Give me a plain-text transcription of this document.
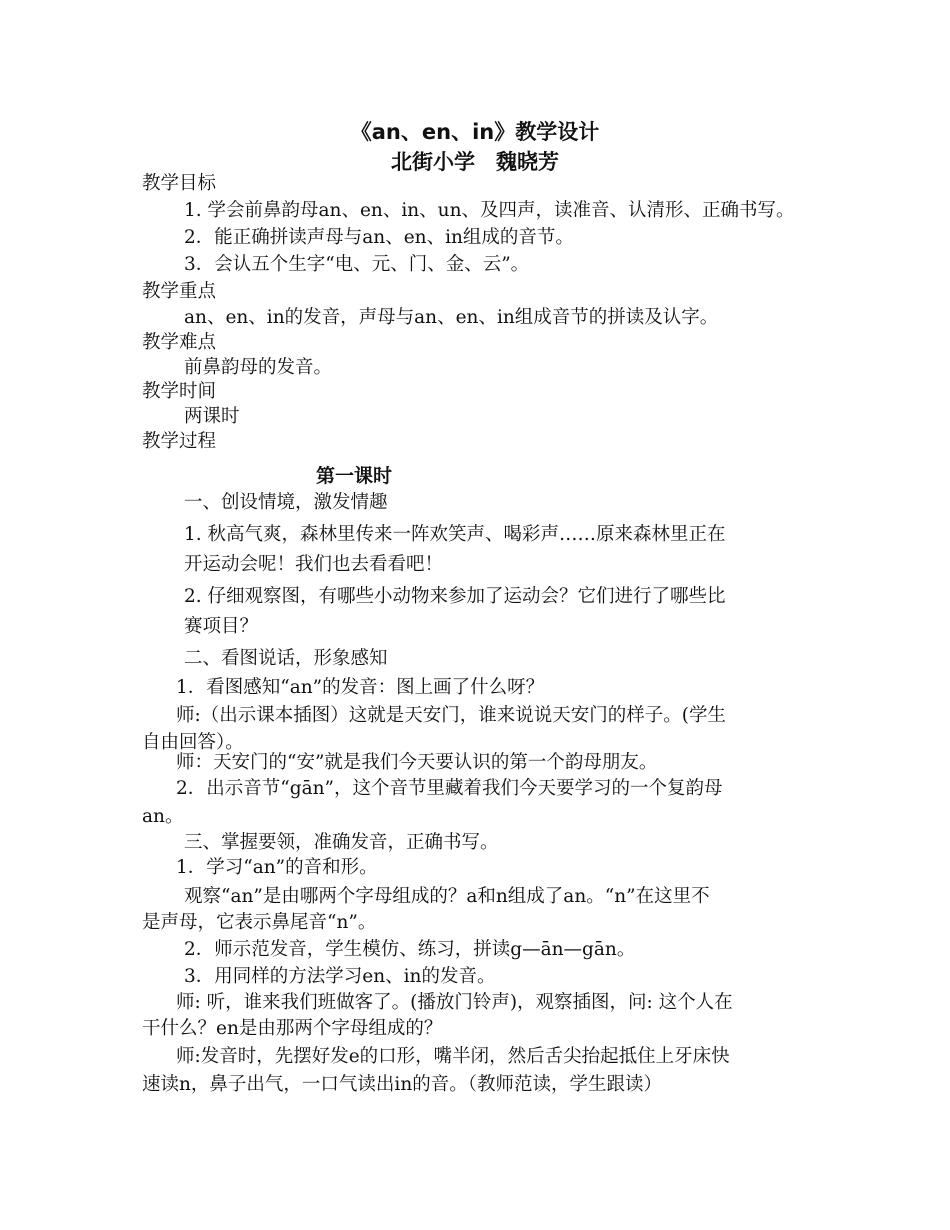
《an、en、in》教学设计
北街小学　魏晓芳
教学目标
1. 学会前鼻韵母an、en、in、un、及四声，读准音、认清形、正确书写。
2．能正确拼读声母与an、en、in组成的音节。
3．会认五个生字“电、元、门、金、云”。
教学重点
an、en、in的发音，声母与an、en、in组成音节的拼读及认字。
教学难点
前鼻韵母的发音。
教学时间
两课时
教学过程
第一课时
一、创设情境，激发情趣
1. 秋高气爽，森林里传来一阵欢笑声、喝彩声……原来森林里正在
开运动会呢！我们也去看看吧！
2. 仔细观察图，有哪些小动物来参加了运动会？它们进行了哪些比
赛项目？
二、看图说话，形象感知
1．看图感知“an”的发音：图上画了什么呀？
师:（出示课本插图）这就是天安门，谁来说说天安门的样子。(学生
自由回答）。
师：天安门的“安”就是我们今天要认识的第一个韵母朋友。
2．出示音节“gān”，这个音节里藏着我们今天要学习的一个复韵母
an。
三、掌握要领，准确发音，正确书写。
1．学习“an”的音和形。
观察“an”是由哪两个字母组成的？a和n组成了an。“n”在这里不
是声母，它表示鼻尾音“n”。
2．师示范发音，学生模仿、练习，拼读g—ān—gān。
3．用同样的方法学习en、in的发音。
师: 听，谁来我们班做客了。(播放门铃声)，观察插图，问: 这个人在
干什么？en是由那两个字母组成的？
师:发音时，先摆好发e的口形，嘴半闭，然后舌尖抬起抵住上牙床快
速读n，鼻子出气，一口气读出in的音。（教师范读，学生跟读）
